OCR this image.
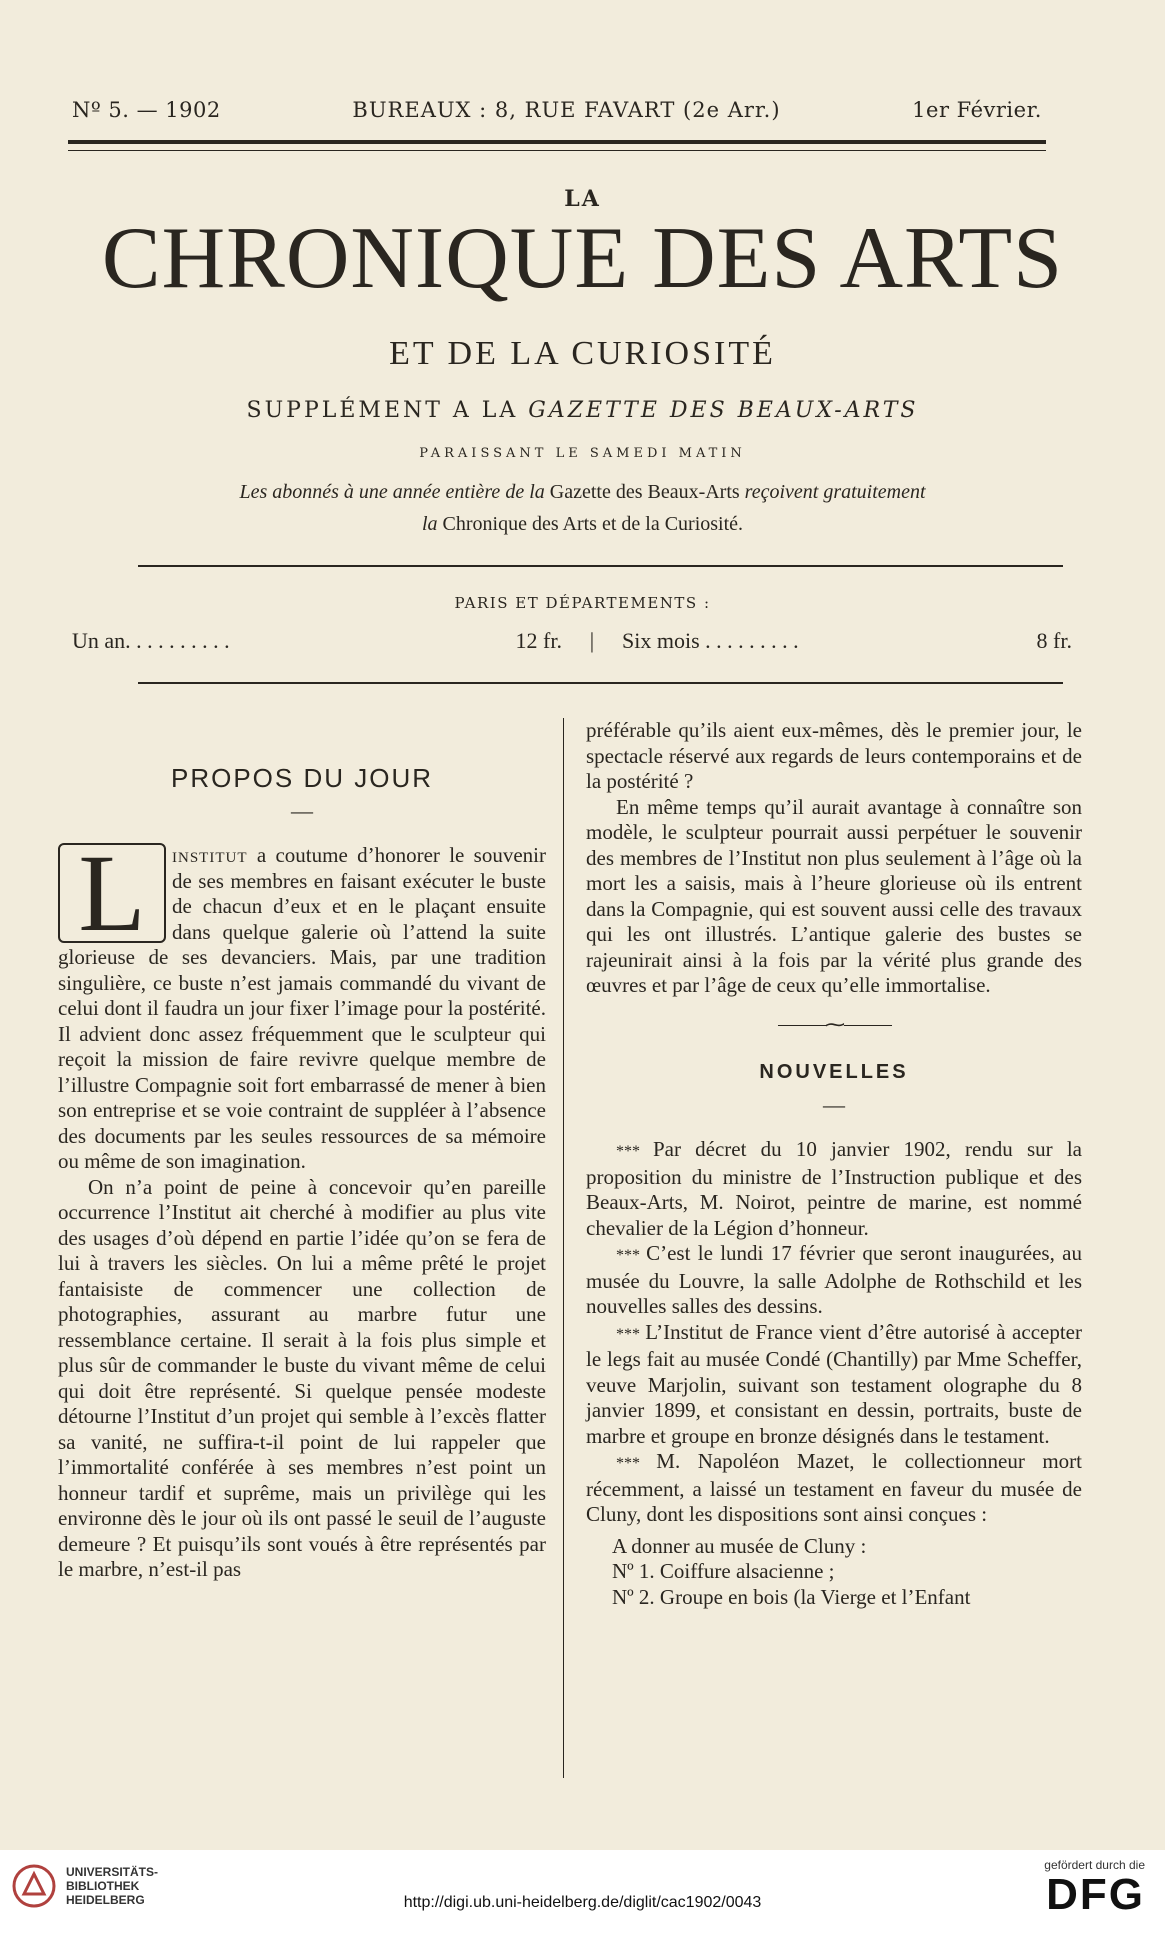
Nº 5. — 1902	BUREAUX : 8, RUE FAVART (2e Arr.)	1er Février.
LA
CHRONIQUE DES ARTS
ET DE LA CURIOSITÉ
SUPPLÉMENT A LA GAZETTE DES BEAUX-ARTS
PARAISSANT LE SAMEDI MATIN
Les abonnés à une année entière de la Gazette des Beaux-Arts reçoivent gratuitement
la Chronique des Arts et de la Curiosité.
PARIS ET DÉPARTEMENTS :
Un an. . . . . . . . . .	12 fr.	|	Six mois . . . . . . . . .	8 fr.
PROPOS DU JOUR
—
L	institut a coutume d’honorer le souvenir de ses membres en faisant exécuter le buste de chacun d’eux et en le plaçant ensuite dans quelque galerie où l’attend la suite glorieuse de ses devanciers. Mais, par une tradition singulière, ce buste n’est jamais commandé du vivant de celui dont il faudra un jour fixer l’image pour la postérité. Il advient donc assez fréquemment que le sculpteur qui reçoit la mission de faire revivre quelque membre de l’illustre Compagnie soit fort embarrassé de mener à bien son entreprise et se voie contraint de suppléer à l’absence des documents par les seules ressources de sa mémoire ou même de son imagination.

On n’a point de peine à concevoir qu’en pareille occurrence l’Institut ait cherché à modifier au plus vite des usages d’où dépend en partie l’idée qu’on se fera de lui à travers les siècles. On lui a même prêté le projet fantaisiste de commencer une collection de photographies, assurant au marbre futur une ressemblance certaine. Il serait à la fois plus simple et plus sûr de commander le buste du vivant même de celui qui doit être représenté. Si quelque pensée modeste détourne l’Institut d’un projet qui semble à l’excès flatter sa vanité, ne suffira-t-il point de lui rappeler que l’immortalité conférée à ses membres n’est point un honneur tardif et suprême, mais un privilège qui les environne dès le jour où ils ont passé le seuil de l’auguste demeure ? Et puisqu’ils sont voués à être représentés par le marbre, n’est-il pas

préférable qu’ils aient eux-mêmes, dès le premier jour, le spectacle réservé aux regards de leurs contemporains et de la postérité ?

En même temps qu’il aurait avantage à connaître son modèle, le sculpteur pourrait aussi perpétuer le souvenir des membres de l’Institut non plus seulement à l’âge où la mort les a saisis, mais à l’heure glorieuse où ils entrent dans la Compagnie, qui est souvent aussi celle des travaux qui les ont illustrés. L’antique galerie des bustes se rajeunirait ainsi à la fois par la vérité plus grande des œuvres et par l’âge de ceux qu’elle immortalise.

⸻⁓⸻
NOUVELLES
—

*** Par décret du 10 janvier 1902, rendu sur la proposition du ministre de l’Instruction publique et des Beaux-Arts, M. Noirot, peintre de marine, est nommé chevalier de la Légion d’honneur.

*** C’est le lundi 17 février que seront inaugurées, au musée du Louvre, la salle Adolphe de Rothschild et les nouvelles salles des dessins.

*** L’Institut de France vient d’être autorisé à accepter le legs fait au musée Condé (Chantilly) par Mme Scheffer, veuve Marjolin, suivant son testament olographe du 8 janvier 1899, et consistant en dessin, portraits, buste de marbre et groupe en bronze désignés dans le testament.

*** M. Napoléon Mazet, le collectionneur mort récemment, a laissé un testament en faveur du musée de Cluny, dont les dispositions sont ainsi conçues :

A donner au musée de Cluny :

Nº 1. Coiffure alsacienne ;

Nº 2. Groupe en bois (la Vierge et l’Enfant

UNIVERSITÄTS-
BIBLIOTHEK
HEIDELBERG	http://digi.ub.uni-heidelberg.de/diglit/cac1902/0043
gefördert durch die
DFG
